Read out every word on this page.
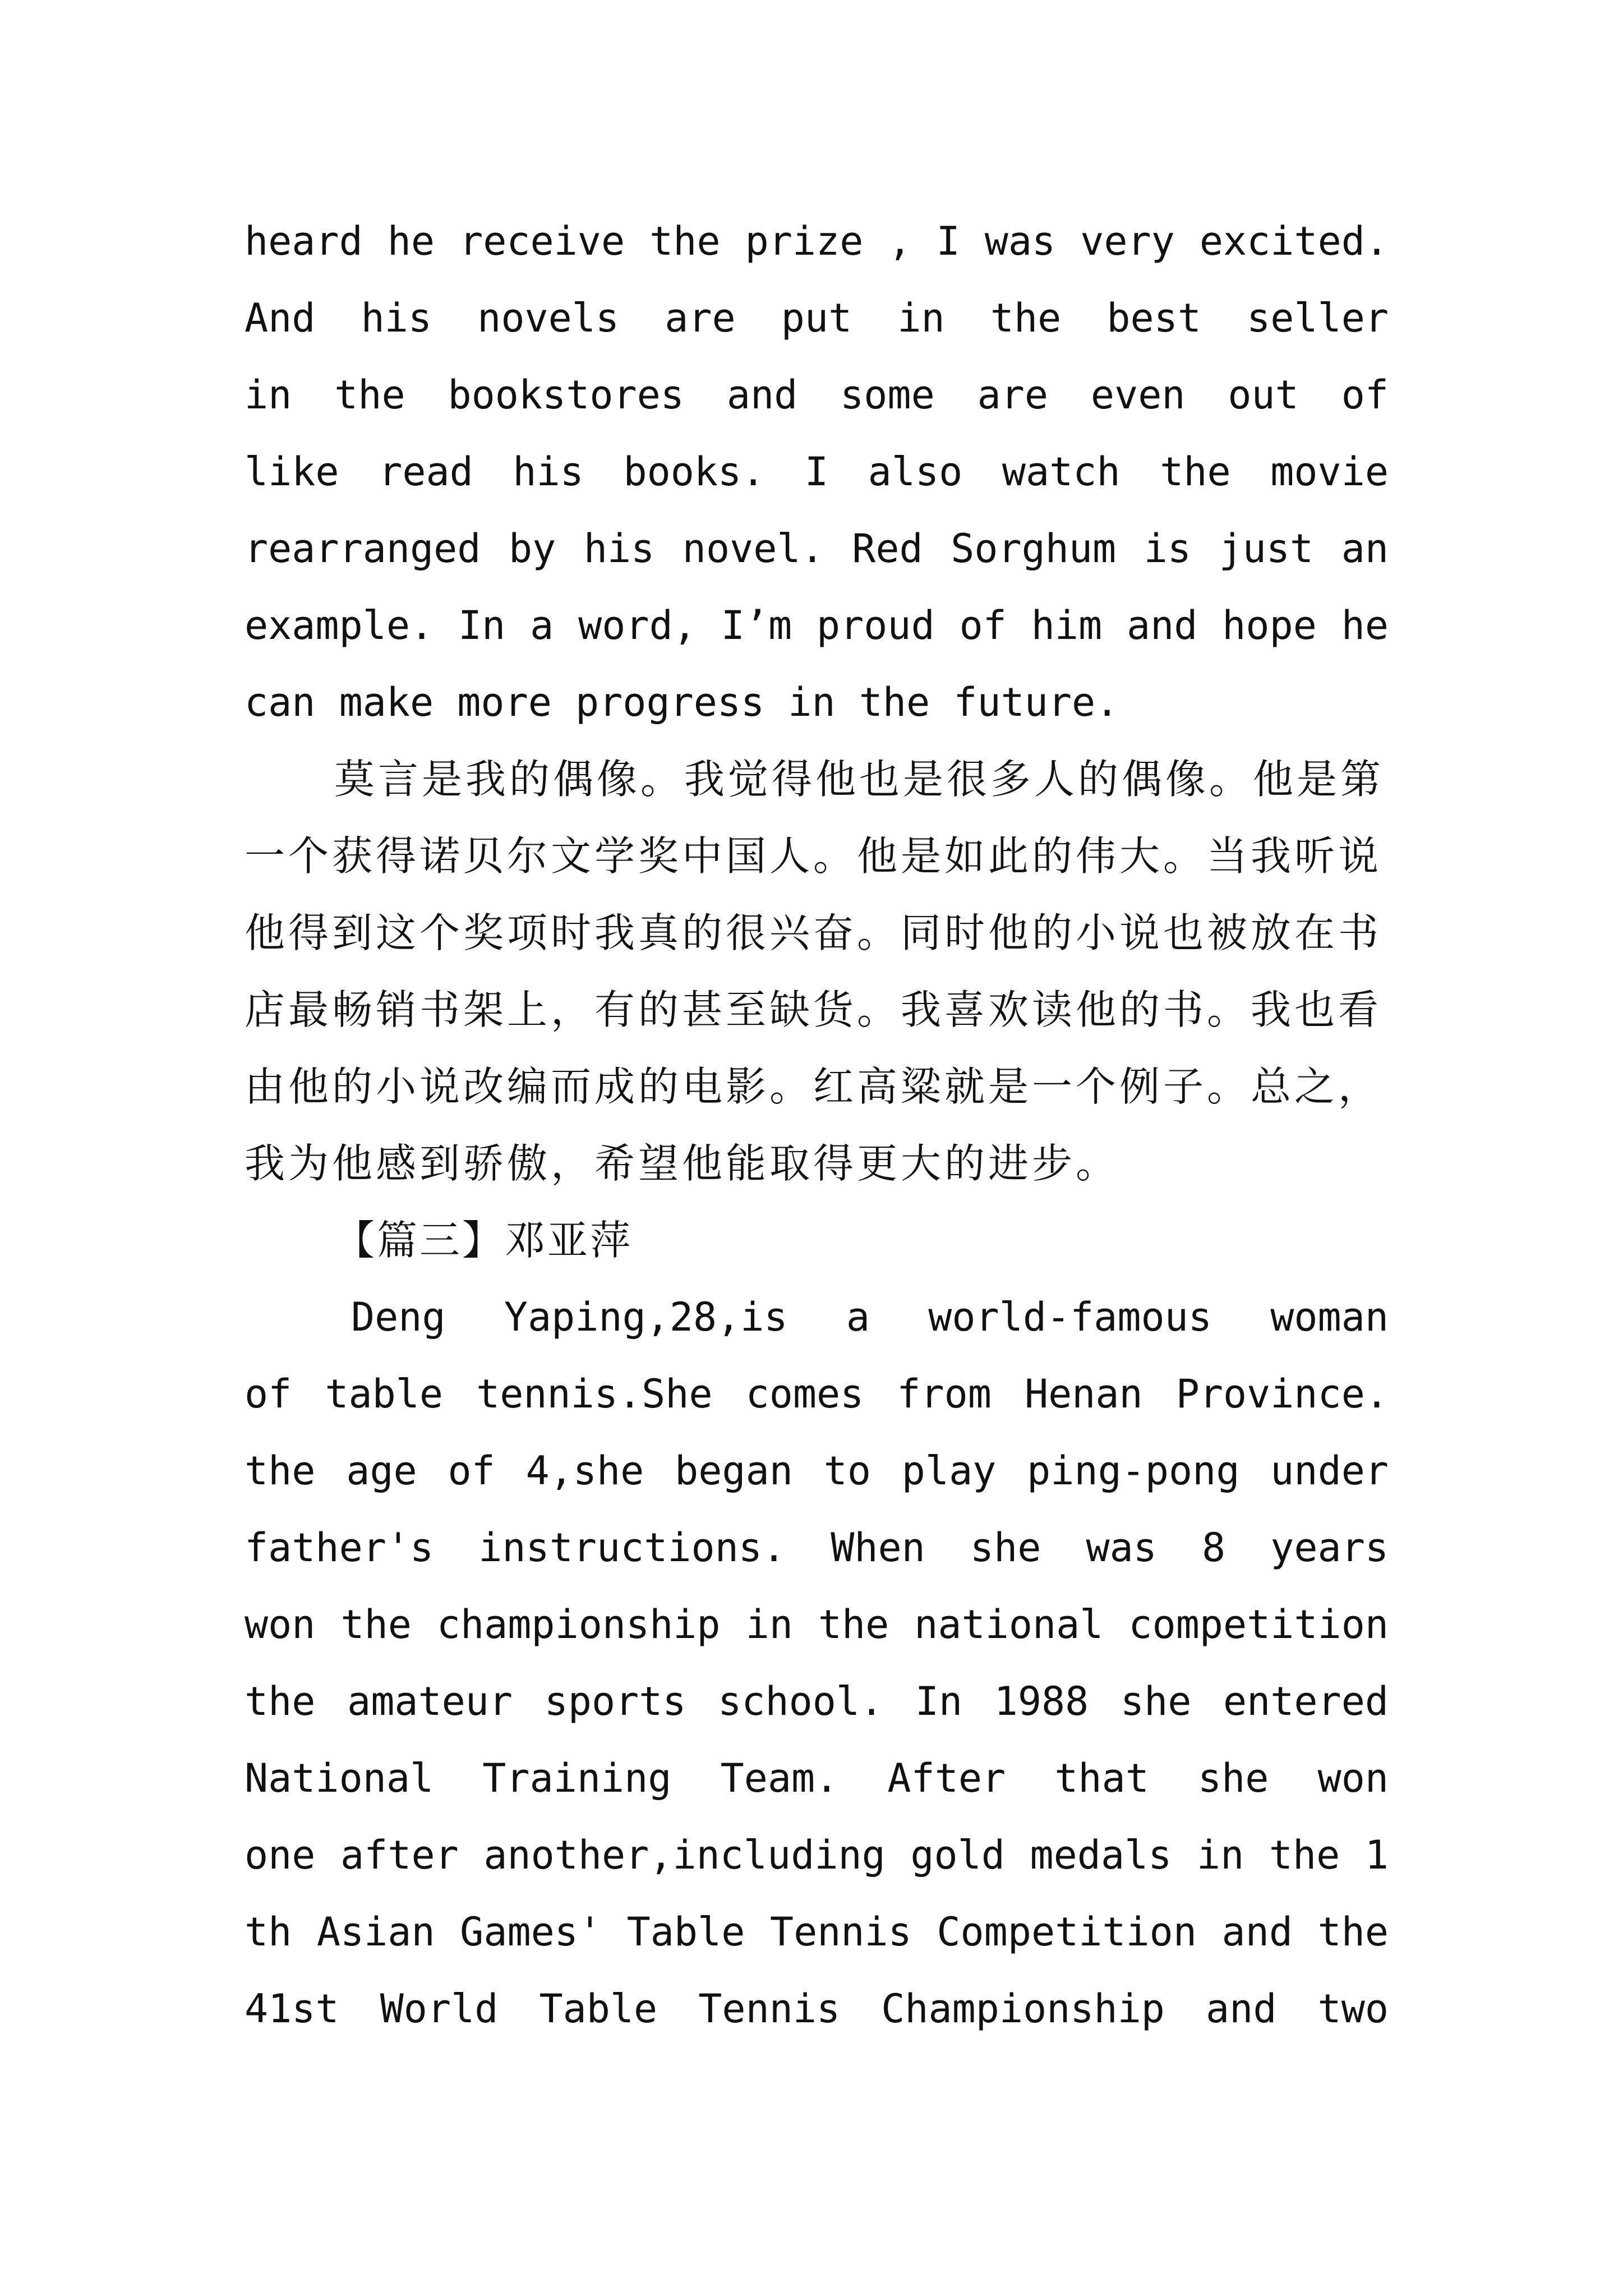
heard he receive the prize , I was very excited.
And his novels are put in the best seller
in the bookstores and some are even out of
like read his books. I also watch the movie
rearranged by his novel. Red Sorghum is just an
example. In a word, I’m proud of him and hope he
can make more progress in the future.
莫言是我的偶像。我觉得他也是很多人的偶像。他是第
一个获得诺贝尔文学奖中国人。他是如此的伟大。当我听说
他得到这个奖项时我真的很兴奋。同时他的小说也被放在书
店最畅销书架上，有的甚至缺货。我喜欢读他的书。我也看
由他的小说改编而成的电影。红高粱就是一个例子。总之，
我为他感到骄傲，希望他能取得更大的进步。
【篇三】邓亚萍
Deng Yaping,28,is a world-famous woman
of table tennis.She comes from Henan Province.
the age of 4,she began to play ping-pong under
father's instructions. When she was 8 years
won the championship in the national competition
the amateur sports school. In 1988 she entered
National Training Team. After that she won
one after another,including gold medals in the 1
th Asian Games' Table Tennis Competition and the
41st World Table Tennis Championship and two
